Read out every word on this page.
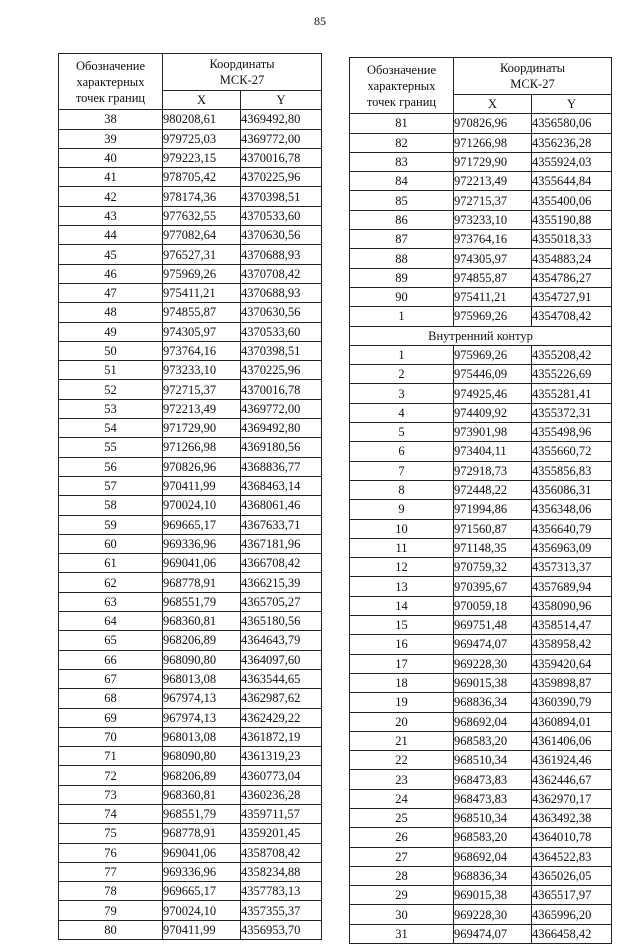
85
Обозначение
характерных
точек границ	Координаты
МСК-27	
	X	Y
38	980208,61	4369492,80
39	979725,03	4369772,00
40	979223,15	4370016,78
41	978705,42	4370225,96
42	978174,36	4370398,51
43	977632,55	4370533,60
44	977082,64	4370630,56
45	976527,31	4370688,93
46	975969,26	4370708,42
47	975411,21	4370688,93
48	974855,87	4370630,56
49	974305,97	4370533,60
50	973764,16	4370398,51
51	973233,10	4370225,96
52	972715,37	4370016,78
53	972213,49	4369772,00
54	971729,90	4369492,80
55	971266,98	4369180,56
56	970826,96	4368836,77
57	970411,99	4368463,14
58	970024,10	4368061,46
59	969665,17	4367633,71
60	969336,96	4367181,96
61	969041,06	4366708,42
62	968778,91	4366215,39
63	968551,79	4365705,27
64	968360,81	4365180,56
65	968206,89	4364643,79
66	968090,80	4364097,60
67	968013,08	4363544,65
68	967974,13	4362987,62
69	967974,13	4362429,22
70	968013,08	4361872,19
71	968090,80	4361319,23
72	968206,89	4360773,04
73	968360,81	4360236,28
74	968551,79	4359711,57
75	968778,91	4359201,45
76	969041,06	4358708,42
77	969336,96	4358234,88
78	969665,17	4357783,13
79	970024,10	4357355,37
80	970411,99	4356953,70
Обозначение
характерных
точек границ	Координаты
МСК-27	
	X	Y
81	970826,96	4356580,06
82	971266,98	4356236,28
83	971729,90	4355924,03
84	972213,49	4355644,84
85	972715,37	4355400,06
86	973233,10	4355190,88
87	973764,16	4355018,33
88	974305,97	4354883,24
89	974855,87	4354786,27
90	975411,21	4354727,91
1	975969,26	4354708,42
Внутренний контур		
1	975969,26	4355208,42
2	975446,09	4355226,69
3	974925,46	4355281,41
4	974409,92	4355372,31
5	973901,98	4355498,96
6	973404,11	4355660,72
7	972918,73	4355856,83
8	972448,22	4356086,31
9	971994,86	4356348,06
10	971560,87	4356640,79
11	971148,35	4356963,09
12	970759,32	4357313,37
13	970395,67	4357689,94
14	970059,18	4358090,96
15	969751,48	4358514,47
16	969474,07	4358958,42
17	969228,30	4359420,64
18	969015,38	4359898,87
19	968836,34	4360390,79
20	968692,04	4360894,01
21	968583,20	4361406,06
22	968510,34	4361924,46
23	968473,83	4362446,67
24	968473,83	4362970,17
25	968510,34	4363492,38
26	968583,20	4364010,78
27	968692,04	4364522,83
28	968836,34	4365026,05
29	969015,38	4365517,97
30	969228,30	4365996,20
31	969474,07	4366458,42
